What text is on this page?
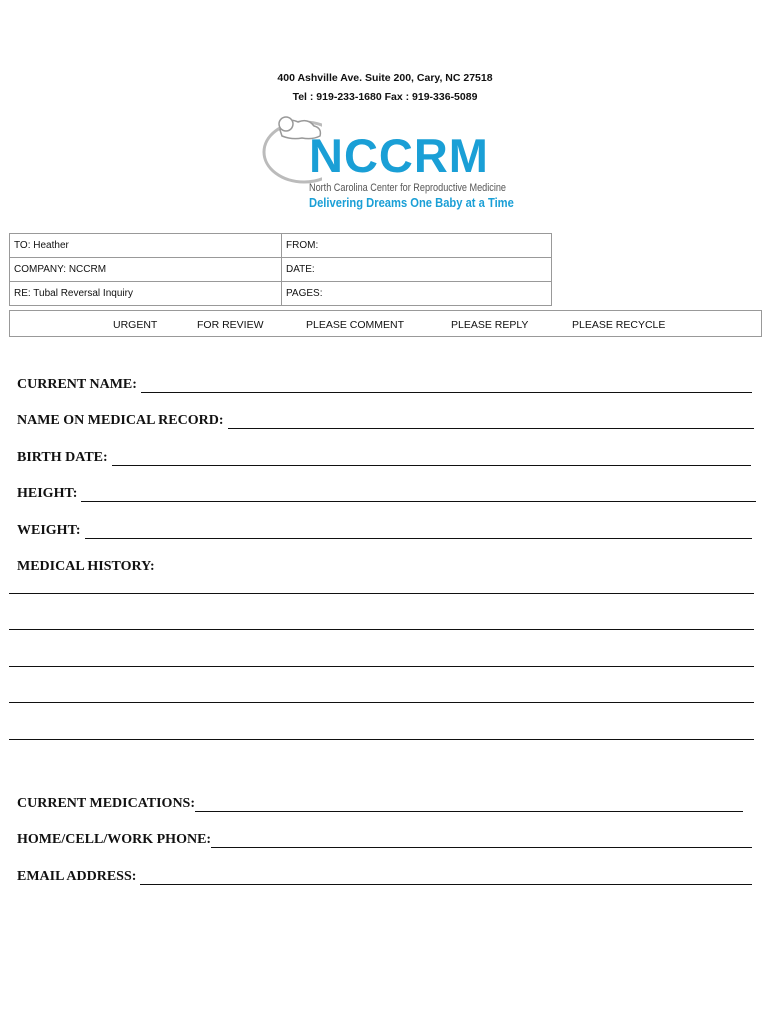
400 Ashville Ave. Suite 200, Cary, NC 27518
Tel : 919-233-1680 Fax : 919-336-5089
NCCRM
North Carolina Center for Reproductive Medicine
Delivering Dreams One Baby at a Time
TO: Heather	FROM:
COMPANY: NCCRM	DATE:
RE: Tubal Reversal Inquiry	PAGES:
URGENT	FOR REVIEW	PLEASE COMMENT	PLEASE REPLY	PLEASE RECYCLE
CURRENT NAME:
NAME ON MEDICAL RECORD:
BIRTH DATE:
HEIGHT:
WEIGHT:
MEDICAL HISTORY:
CURRENT MEDICATIONS:
HOME/CELL/WORK PHONE:
EMAIL ADDRESS:
